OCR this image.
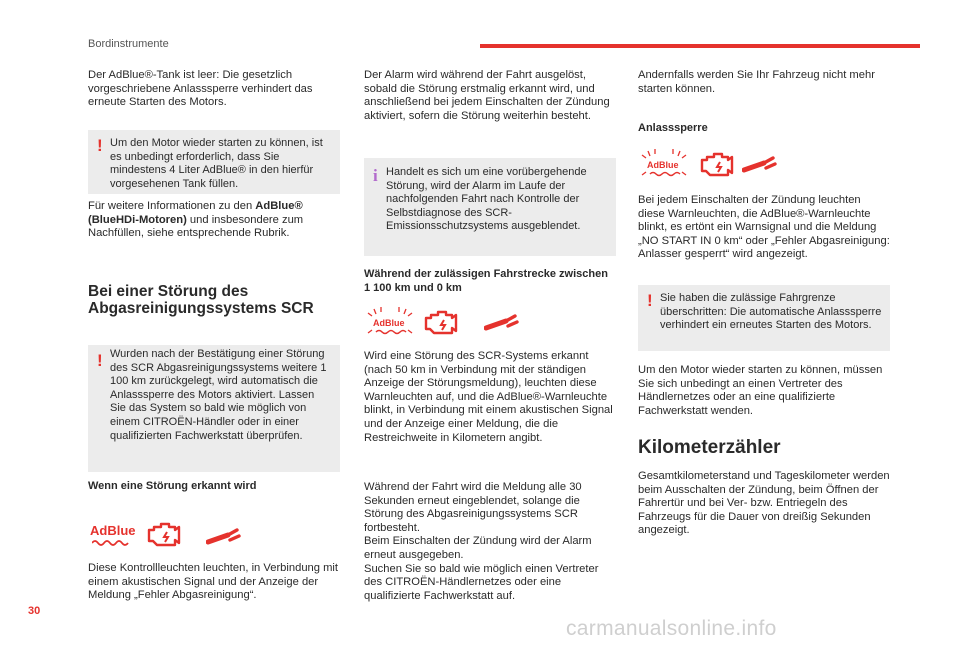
Bordinstrumente

Der AdBlue®-Tank ist leer: Die gesetzlich vorgeschriebene Anlasssperre verhindert das erneute Starten des Motors.

! Um den Motor wieder starten zu können, ist es unbedingt erforderlich, dass Sie mindestens 4 Liter AdBlue® in den hierfür vorgesehenen Tank füllen.

Für weitere Informationen zu den AdBlue® (BlueHDi-Motoren) und insbesondere zum Nachfüllen, siehe entsprechende Rubrik.

Bei einer Störung des Abgasreinigungssystems SCR
! Wurden nach der Bestätigung einer Störung des SCR Abgasreinigungssystems weitere 1 100 km zurückgelegt, wird automatisch die Anlasssperre des Motors aktiviert. Lassen Sie das System so bald wie möglich von einem CITROËN-Händler oder in einer qualifizierten Fachwerkstatt überprüfen.
Wenn eine Störung erkannt wird
AdBlue

Diese Kontrollleuchten leuchten, in Verbindung mit einem akustischen Signal und der Anzeige der Meldung „Fehler Abgasreinigung“.

Der Alarm wird während der Fahrt ausgelöst, sobald die Störung erstmalig erkannt wird, und anschließend bei jedem Einschalten der Zündung aktiviert, sofern die Störung weiterhin besteht.

i Handelt es sich um eine vorübergehende Störung, wird der Alarm im Laufe der nachfolgenden Fahrt nach Kontrolle der Selbstdiagnose des SCR-Emissionsschutzsystems ausgeblendet.
Während der zulässigen Fahrstrecke zwischen 1 100 km und 0 km
AdBlue

Wird eine Störung des SCR-Systems erkannt (nach 50 km in Verbindung mit der ständigen Anzeige der Störungsmeldung), leuchten diese Warnleuchten auf, und die AdBlue®-Warnleuchte blinkt, in Verbindung mit einem akustischen Signal und der Anzeige einer Meldung, die die Restreichweite in Kilometern angibt.

Während der Fahrt wird die Meldung alle 30 Sekunden erneut eingeblendet, solange die Störung des Abgasreinigungssystems SCR fortbesteht.

Beim Einschalten der Zündung wird der Alarm erneut ausgegeben.

Suchen Sie so bald wie möglich einen Vertreter des CITROËN-Händlernetzes oder eine qualifizierte Fachwerkstatt auf.

Andernfalls werden Sie Ihr Fahrzeug nicht mehr starten können.

Anlasssperre
AdBlue

Bei jedem Einschalten der Zündung leuchten diese Warnleuchten, die AdBlue®-Warnleuchte blinkt, es ertönt ein Warnsignal und die Meldung „NO START IN 0 km“ oder „Fehler Abgasreinigung: Anlasser gesperrt“ wird angezeigt.

! Sie haben die zulässige Fahrgrenze überschritten: Die automatische Anlasssperre verhindert ein erneutes Starten des Motors.

Um den Motor wieder starten zu können, müssen Sie sich unbedingt an einen Vertreter des Händlernetzes oder an eine qualifizierte Fachwerkstatt wenden.

Kilometerzähler

Gesamtkilometerstand und Tageskilometer werden beim Ausschalten der Zündung, beim Öffnen der Fahrertür und bei Ver- bzw. Entriegeln des Fahrzeugs für die Dauer von dreißig Sekunden angezeigt.

30
carmanualsonline.info
